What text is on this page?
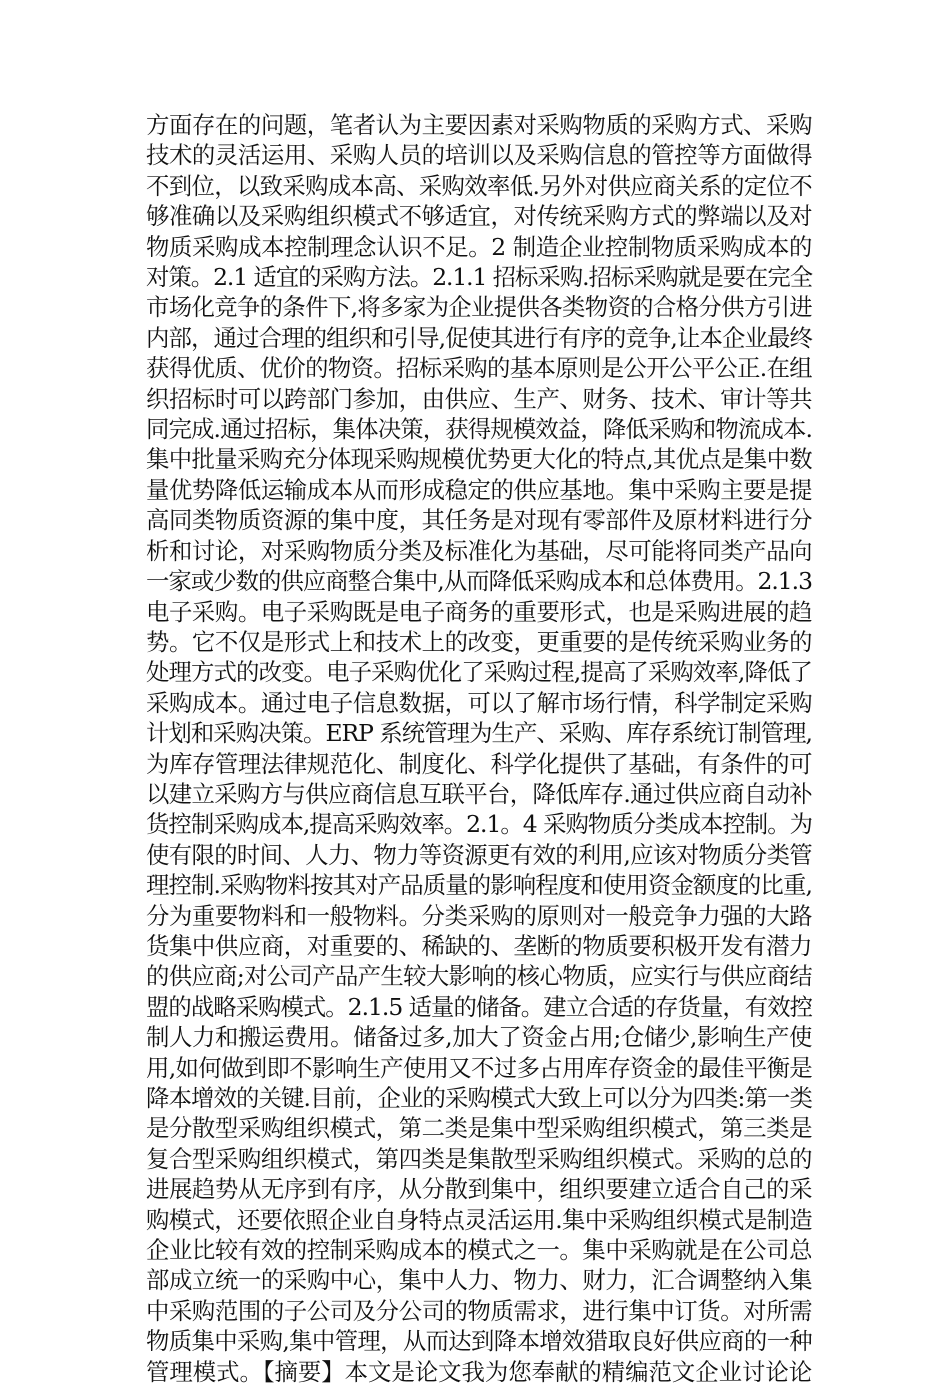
方面存在的问题，笔者认为主要因素对采购物质的采购方式、采购
技术的灵活运用、采购人员的培训以及采购信息的管控等方面做得
不到位，以致采购成本高、采购效率低.另外对供应商关系的定位不
够准确以及采购组织模式不够适宜，对传统采购方式的弊端以及对
物质采购成本控制理念认识不足。2 制造企业控制物质采购成本的
对策。2.1 适宜的采购方法。2.1.1 招标采购.招标采购就是要在完全
市场化竞争的条件下,将多家为企业提供各类物资的合格分供方引进
内部，通过合理的组织和引导,促使其进行有序的竞争,让本企业最终
获得优质、优价的物资。招标采购的基本原则是公开公平公正.在组
织招标时可以跨部门参加，由供应、生产、财务、技术、审计等共
同完成.通过招标，集体决策，获得规模效益，降低采购和物流成本.
集中批量采购充分体现采购规模优势更大化的特点,其优点是集中数
量优势降低运输成本从而形成稳定的供应基地。集中采购主要是提
高同类物质资源的集中度，其任务是对现有零部件及原材料进行分
析和讨论，对采购物质分类及标准化为基础，尽可能将同类产品向
一家或少数的供应商整合集中,从而降低采购成本和总体费用。2.1.3
电子采购。电子采购既是电子商务的重要形式，也是采购进展的趋
势。它不仅是形式上和技术上的改变，更重要的是传统采购业务的
处理方式的改变。电子采购优化了采购过程,提高了采购效率,降低了
采购成本。通过电子信息数据，可以了解市场行情，科学制定采购
计划和采购决策。ERP 系统管理为生产、采购、库存系统订制管理,
为库存管理法律规范化、制度化、科学化提供了基础，有条件的可
以建立采购方与供应商信息互联平台，降低库存.通过供应商自动补
货控制采购成本,提高采购效率。2.1。4 采购物质分类成本控制。为
使有限的时间、人力、物力等资源更有效的利用,应该对物质分类管
理控制.采购物料按其对产品质量的影响程度和使用资金额度的比重,
分为重要物料和一般物料。分类采购的原则对一般竞争力强的大路
货集中供应商，对重要的、稀缺的、垄断的物质要积极开发有潜力
的供应商;对公司产品产生较大影响的核心物质，应实行与供应商结
盟的战略采购模式。2.1.5 适量的储备。建立合适的存货量，有效控
制人力和搬运费用。储备过多,加大了资金占用;仓储少,影响生产使
用,如何做到即不影响生产使用又不过多占用库存资金的最佳平衡是
降本增效的关键.目前，企业的采购模式大致上可以分为四类:第一类
是分散型采购组织模式，第二类是集中型采购组织模式，第三类是
复合型采购组织模式，第四类是集散型采购组织模式。采购的总的
进展趋势从无序到有序，从分散到集中，组织要建立适合自己的采
购模式，还要依照企业自身特点灵活运用.集中采购组织模式是制造
企业比较有效的控制采购成本的模式之一。集中采购就是在公司总
部成立统一的采购中心，集中人力、物力、财力，汇合调整纳入集
中采购范围的子公司及分公司的物质需求，进行集中订货。对所需
物质集中采购,集中管理，从而达到降本增效猎取良好供应商的一种
管理模式。【摘要】本文是论文我为您奉献的精编范文企业讨论论
